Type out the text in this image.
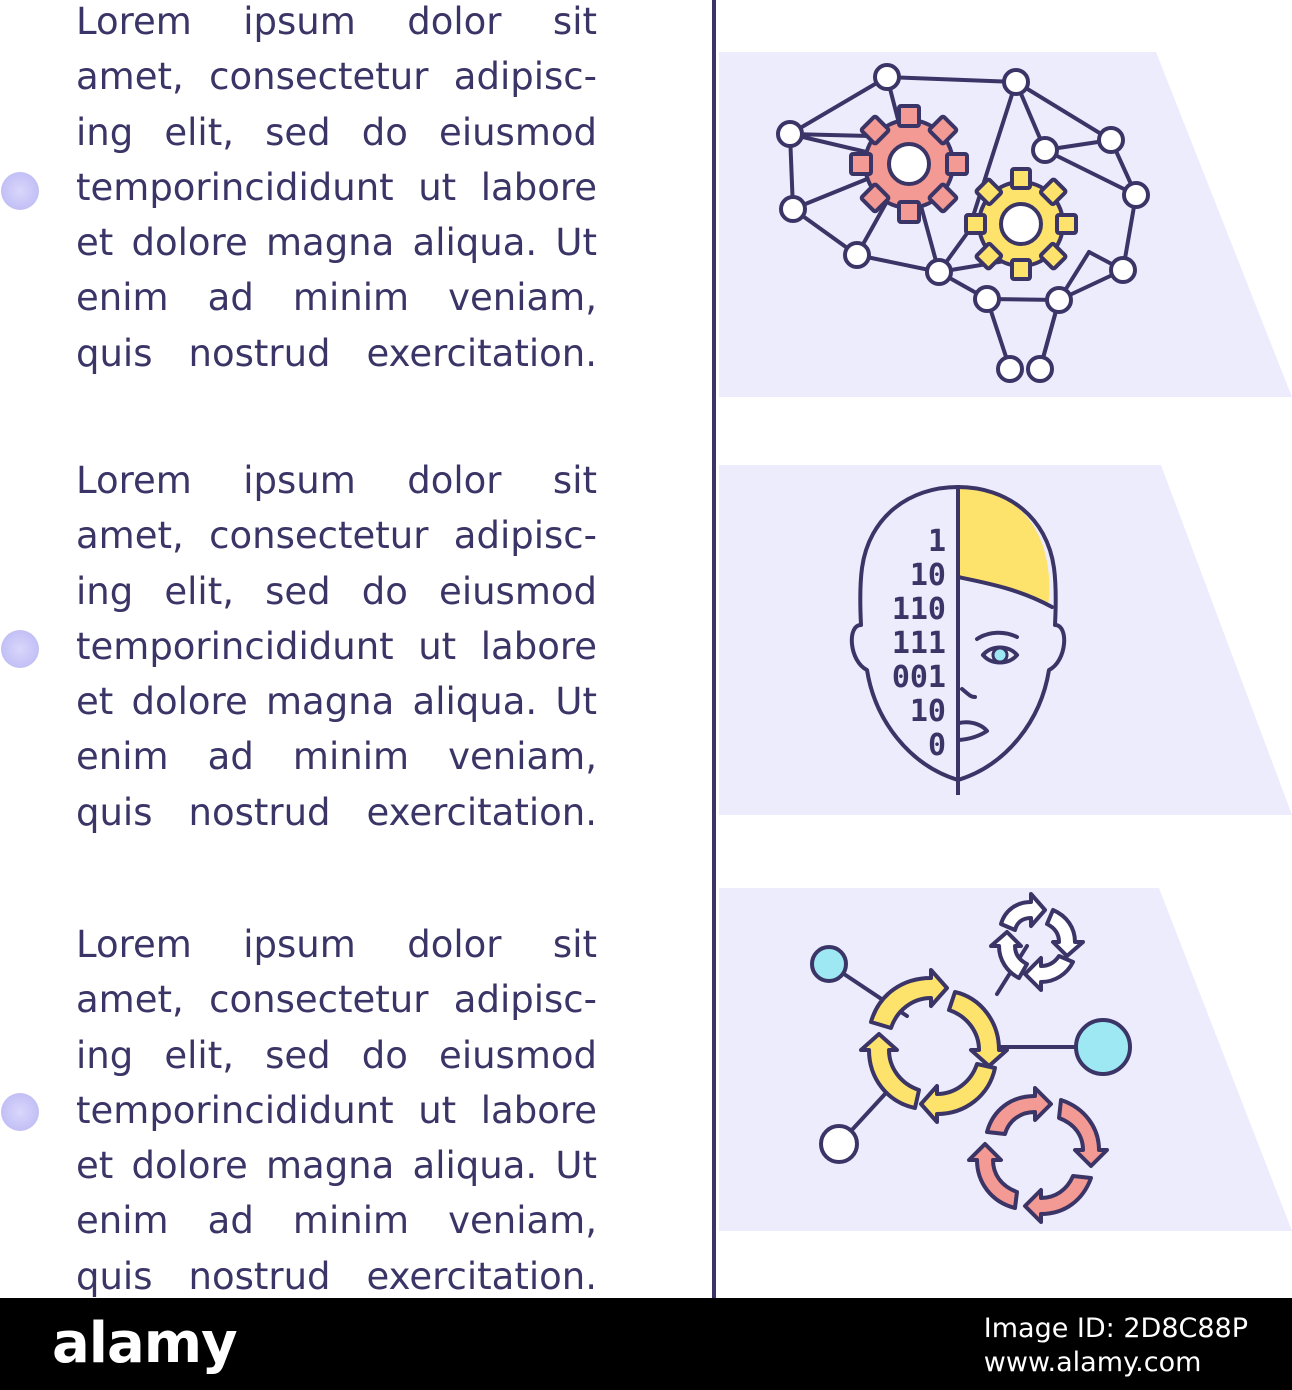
Lorem ipsum dolor sit amet, consectetur adipiscing elit, sed do eiusmod temporincididunt ut labore et dolore magna aliqua. Ut enim ad minim veniam, quis nostrud exercitation.

Lorem ipsum dolor sit amet, consectetur adipiscing elit, sed do eiusmod temporincididunt ut labore et dolore magna aliqua. Ut enim ad minim veniam, quis nostrud exercitation.

Lorem ipsum dolor sit amet, consectetur adipiscing elit, sed do eiusmod temporincididunt ut labore et dolore magna aliqua. Ut enim ad minim veniam, quis nostrud exercitation.

1
10
110
111
001
10
0
alamy	Image ID: 2D8C88P
www.alamy.com
